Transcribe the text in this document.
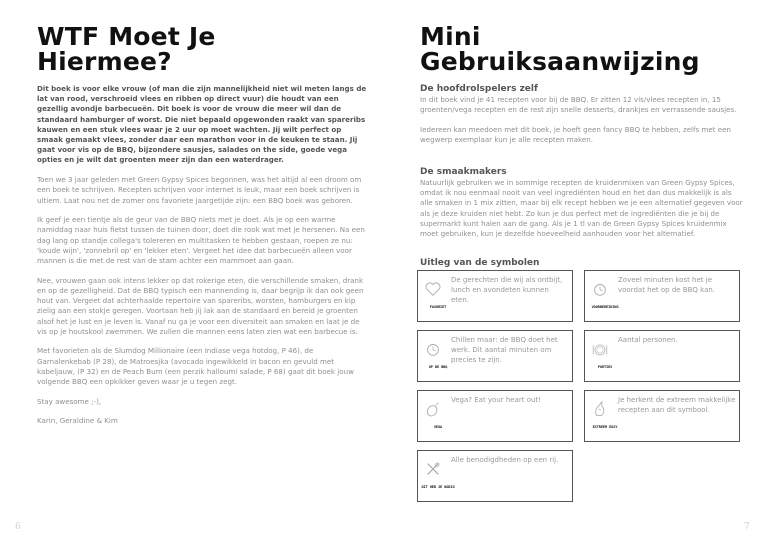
WTF Moet Je
Hiermee?

Dit boek is voor elke vrouw (of man die zijn mannelijkheid niet wil meten langs de lat van rood, verschroeid vlees en ribben op direct vuur) die houdt van een gezellig avondje barbecueën. Dit boek is voor de vrouw die meer wil dan de standaard hamburger of worst. Die niet bepaald opgewonden raakt van spareribs kauwen en een stuk vlees waar je 2 uur op moet wachten. Jij wilt perfect op smaak gemaakt vlees, zonder daar een marathon voor in de keuken te staan. Jij gaat voor vis op de BBQ, bijzondere sausjes, salades on the side, goede vega opties en je wilt dat groenten meer zijn dan een waterdrager.

Toen we 3 jaar geleden met Green Gypsy Spices begonnen, was het altijd al een droom om een boek te schrijven. Recepten schrijven voor internet is leuk, maar een boek schrijven is ultiem. Laat nou net de zomer ons favoriete jaargetijde zijn: een BBQ boek was geboren.

Ik geef je een tientje als de geur van de BBQ niets met je doet. Als je op een warme namiddag naar huis fietst tussen de tuinen door, doet die rook wat met je hersenen. Na een dag lang op standje collega's tolereren en multitasken te hebben gestaan, roepen ze nu: 'koude wijn', 'zonnebril op' en 'lekker eten'. Vergeet het idee dat barbecueën alleen voor mannen is die met de rest van de stam achter een mammoet aan gaan.

Nee, vrouwen gaan ook intens lekker op dat rokerige eten, die verschillende smaken, drank en op de gezelligheid. Dat de BBQ typisch een mannending is, daar begrijp ik dan ook geen hout van. Vergeet dat achterhaalde repertoire van spareribs, worsten, hamburgers en kip zielig aan een stokje geregen. Voortaan heb jij lak aan de standaard en bereid je groenten alsof het je lust en je leven is. Vanaf nu ga je voor een diversiteit aan smaken en laat je de vis op je houtskool zwemmen. We zullen die mannen eens laten zien wat een barbecue is.

Met favorieten als de Slumdog Millionaire (een Indiase vega hotdog, P 46), de Garnalenkebab (P 28), de Matroesjka (avocado ingewikkeld in bacon en gevuld met kabeljauw, (P 32) en de Peach Bum (een perzik halloumi salade, P 68) gaat dit boek jouw volgende BBQ een opkikker geven waar je u tegen zegt.

Stay awesome ;-),

Karin, Geraldine & Kim

6
Mini
Gebruiksaanwijzing
De hoofdrolspelers zelf

In dit boek vind je 41 recepten voor bij de BBQ. Er zitten 12 vis/vlees recepten in, 15 groenten/vega recepten en de rest zijn snelle desserts, drankjes en verrassende sausjes.

Iedereen kan meedoen met dit boek, je hoeft geen fancy BBQ te hebben, zelfs met een wegwerp exemplaar kun je alle recepten maken.

De smaakmakers

Natuurlijk gebruiken we in sommige recepten de kruidenmixen van Green Gypsy Spices, omdat ik nou eenmaal nooit van veel ingrediënten houd en het dan dus makkelijk is als alle smaken in 1 mix zitten, maar bij elk recept hebben we je een alternatief gegeven voor als je deze kruiden niet hebt. Zo kun je dus perfect met de ingrediënten die je bij de supermarkt kunt halen aan de gang. Als je 1 tl van de Green Gypsy Spices kruidenmix moet gebruiken, kun je dezelfde hoeveelheid aanhouden voor het alternatief.

Uitleg van de symbolen
FAVORIET
De gerechten die wij als ontbijt, lunch en avondeten kunnen eten.
VOORBEREIDING
Zoveel minuten kost het je voordat het op de BBQ kan.
OP DE BBQ
Chillen maar: de BBQ doet het werk. Dit aantal minuten om precies te zijn.
PORTIES
Aantal personen.
VEGA
Vega? Eat your heart out!
EXTREEM EASY
Je herkent de extreem makkelijke recepten aan dit symbool.
DIT HEB JE NODIG
Alle benodigdheden op een rij.
7
